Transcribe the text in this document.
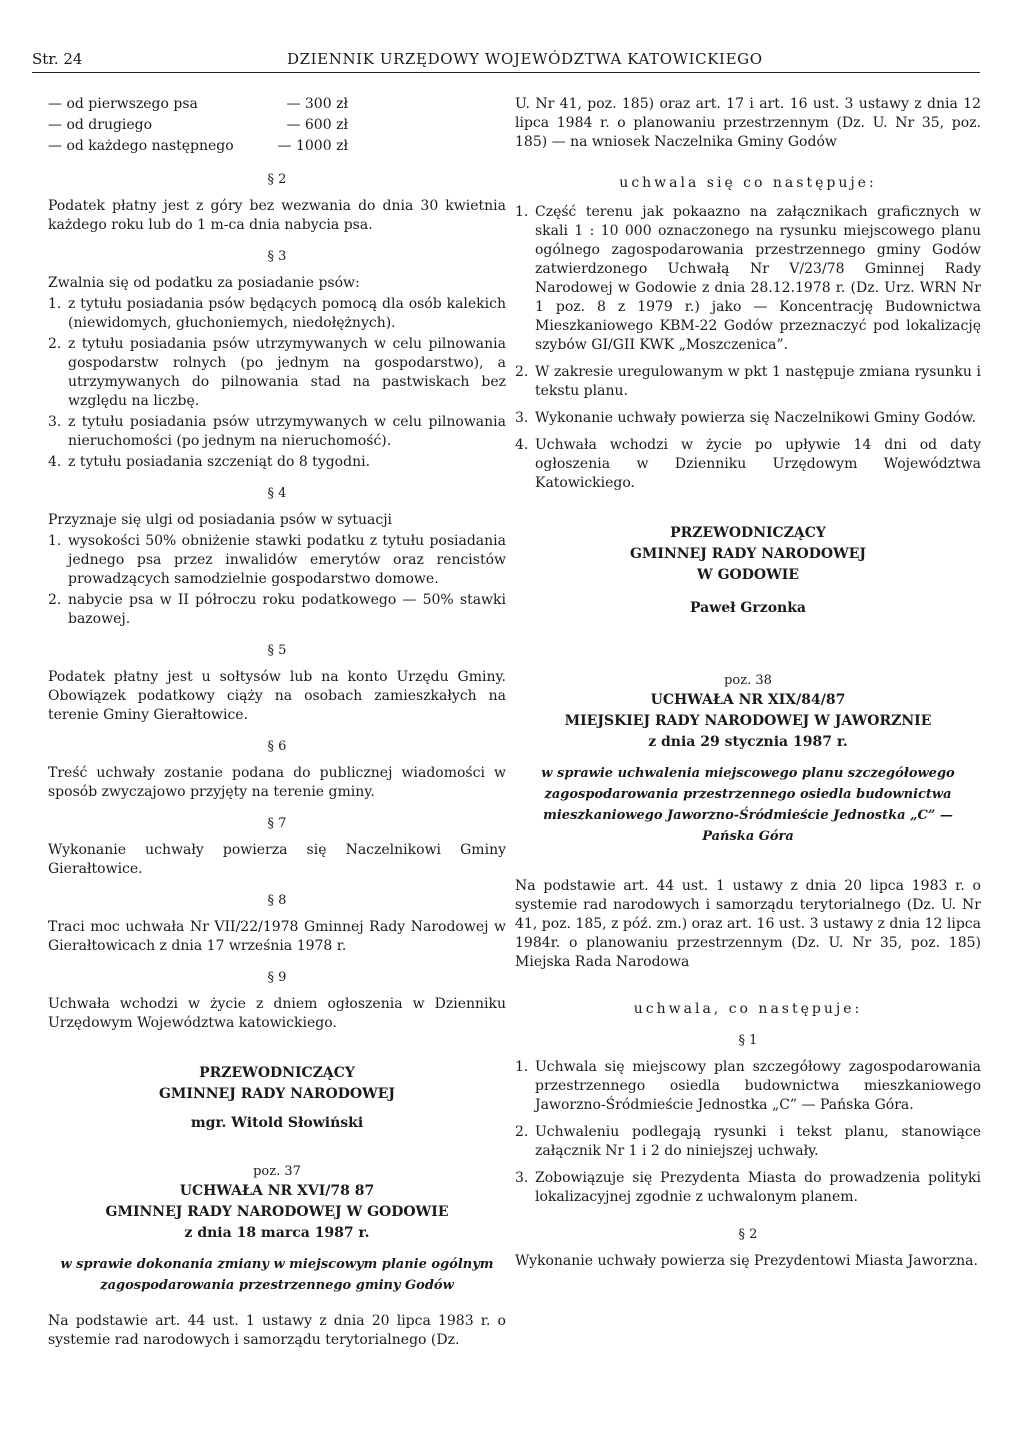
Str. 24	DZIENNIK URZĘDOWY WOJEWÓDZTWA KATOWICKIEGO
— od pierwszego psa	— 300 zł
— od drugiego	— 600 zł
— od każdego następnego	— 1000 zł
§ 2

Podatek płatny jest z góry bez wezwania do dnia 30 kwietnia każdego roku lub do 1 m-ca dnia nabycia psa.

§ 3

Zwalnia się od podatku za posiadanie psów:

1. z tytułu posiadania psów będących pomocą dla osób kalekich (niewidomych, głuchoniemych, niedołężnych).
2. z tytułu posiadania psów utrzymywanych w celu pilnowania gospodarstw rolnych (po jednym na gospodarstwo), a utrzymywanych do pilnowania stad na pastwiskach bez względu na liczbę.
3. z tytułu posiadania psów utrzymywanych w celu pilnowania nieruchomości (po jednym na nieruchomość).
4. z tytułu posiadania szczeniąt do 8 tygodni.
§ 4

Przyznaje się ulgi od posiadania psów w sytuacji

1. wysokości 50% obniżenie stawki podatku z tytułu posiadania jednego psa przez inwalidów emerytów oraz rencistów prowadzących samodzielnie gospodarstwo domowe.
2. nabycie psa w II półroczu roku podatkowego — 50% stawki bazowej.
§ 5

Podatek płatny jest u sołtysów lub na konto Urzędu Gminy. Obowiązek podatkowy ciąży na osobach zamieszkałych na terenie Gminy Gierałtowice.

§ 6

Treść uchwały zostanie podana do publicznej wiadomości w sposób zwyczajowo przyjęty na terenie gminy.

§ 7

Wykonanie uchwały powierza się Naczelnikowi Gminy Gierałtowice.

§ 8

Traci moc uchwała Nr VII/22/1978 Gminnej Rady Narodowej w Gierałtowicach z dnia 17 września 1978 r.

§ 9

Uchwała wchodzi w życie z dniem ogłoszenia w Dzienniku Urzędowym Województwa katowickiego.

PRZEWODNICZĄCY
GMINNEJ RADY NARODOWEJ
mgr. Witold Słowiński
poz. 37
UCHWAŁA NR XVI/78 87
GMINNEJ RADY NARODOWEJ W GODOWIE
z dnia 18 marca 1987 r.
w sprawie dokonania zmiany w miejscowym planie ogólnym zagospodarowania przestrzennego gminy Godów

Na podstawie art. 44 ust. 1 ustawy z dnia 20 lipca 1983 r. o systemie rad narodowych i samorządu terytorialnego (Dz.

U. Nr 41, poz. 185) oraz art. 17 i art. 16 ust. 3 ustawy z dnia 12 lipca 1984 r. o planowaniu przestrzennym (Dz. U. Nr 35, poz. 185) — na wniosek Naczelnika Gminy Godów

uchwala się co następuje:
1. Część terenu jak pokaazno na załącznikach graficznych w skali 1 : 10 000 oznaczonego na rysunku miejscowego planu ogólnego zagospodarowania przestrzennego gminy Godów zatwierdzonego Uchwałą Nr V/23/78 Gminnej Rady Narodowej w Godowie z dnia 28.12.1978 r. (Dz. Urz. WRN Nr 1 poz. 8 z 1979 r.) jako — Koncentrację Budownictwa Mieszkaniowego KBM-22 Godów przeznaczyć pod lokalizację szybów GI/GII KWK „Moszczenica”.
2. W zakresie uregulowanym w pkt 1 następuje zmiana rysunku i tekstu planu.
3. Wykonanie uchwały powierza się Naczelnikowi Gminy Godów.
4. Uchwała wchodzi w życie po upływie 14 dni od daty ogłoszenia w Dzienniku Urzędowym Województwa Katowickiego.
PRZEWODNICZĄCY
GMINNEJ RADY NARODOWEJ
W GODOWIE
Paweł Grzonka
poz. 38
UCHWAŁA NR XIX/84/87
MIEJSKIEJ RADY NARODOWEJ W JAWORZNIE
z dnia 29 stycznia 1987 r.
w sprawie uchwalenia miejscowego planu szczegółowego zagospodarowania przestrzennego osiedla budownictwa mieszkaniowego Jaworzno-Śródmieście Jednostka „C” — Pańska Góra

Na podstawie art. 44 ust. 1 ustawy z dnia 20 lipca 1983 r. o systemie rad narodowych i samorządu terytorialnego (Dz. U. Nr 41, poz. 185, z póź. zm.) oraz art. 16 ust. 3 ustawy z dnia 12 lipca 1984r. o planowaniu przestrzennym (Dz. U. Nr 35, poz. 185) Miejska Rada Narodowa

uchwala, co następuje:
§ 1
1. Uchwala się miejscowy plan szczegółowy zagospodarowania przestrzennego osiedla budownictwa mieszkaniowego Jaworzno-Śródmieście Jednostka „C” — Pańska Góra.
2. Uchwaleniu podlegają rysunki i tekst planu, stanowiące załącznik Nr 1 i 2 do niniejszej uchwały.
3. Zobowiązuje się Prezydenta Miasta do prowadzenia polityki lokalizacyjnej zgodnie z uchwalonym planem.
§ 2

Wykonanie uchwały powierza się Prezydentowi Miasta Jaworzna.
